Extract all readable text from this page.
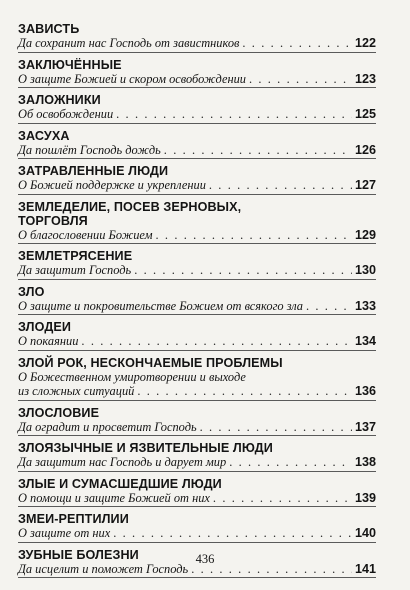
ЗАВИСТЬ
Да сохранит нас Господь от завистников . . .	122
ЗАКЛЮЧЁННЫЕ
О защите Божией и скором освобождении . . .	123
ЗАЛОЖНИКИ
Об освобождении . . .	125
ЗАСУХА
Да пошлёт Господь дождь . . .	126
ЗАТРАВЛЕННЫЕ ЛЮДИ
О Божией поддержке и укреплении . . .	127
ЗЕМЛЕДЕЛИЕ, ПОСЕВ ЗЕРНОВЫХ,
ТОРГОВЛЯ
О благословении Божием . . .	129
ЗЕМЛЕТРЯСЕНИЕ
Да защитит Господь . . .	130
ЗЛО
О защите и покровительстве Божием от всякого зла . . .	133
ЗЛОДЕИ
О покаянии . . .	134
ЗЛОЙ РОК, НЕСКОНЧАЕМЫЕ ПРОБЛЕМЫ
О Божественном умиротворении и выходе
из сложных ситуаций . . .	136
ЗЛОСЛОВИЕ
Да оградит и просветит Господь . . .	137
ЗЛОЯЗЫЧНЫЕ И ЯЗВИТЕЛЬНЫЕ ЛЮДИ
Да защитит нас Господь и дарует мир . . .	138
ЗЛЫЕ И СУМАСШЕДШИЕ ЛЮДИ
О помощи и защите Божией от них . . .	139
ЗМЕИ-РЕПТИЛИИ
О защите от них . . .	140
ЗУБНЫЕ БОЛЕЗНИ
Да исцелит и поможет Господь . . .	141
436
